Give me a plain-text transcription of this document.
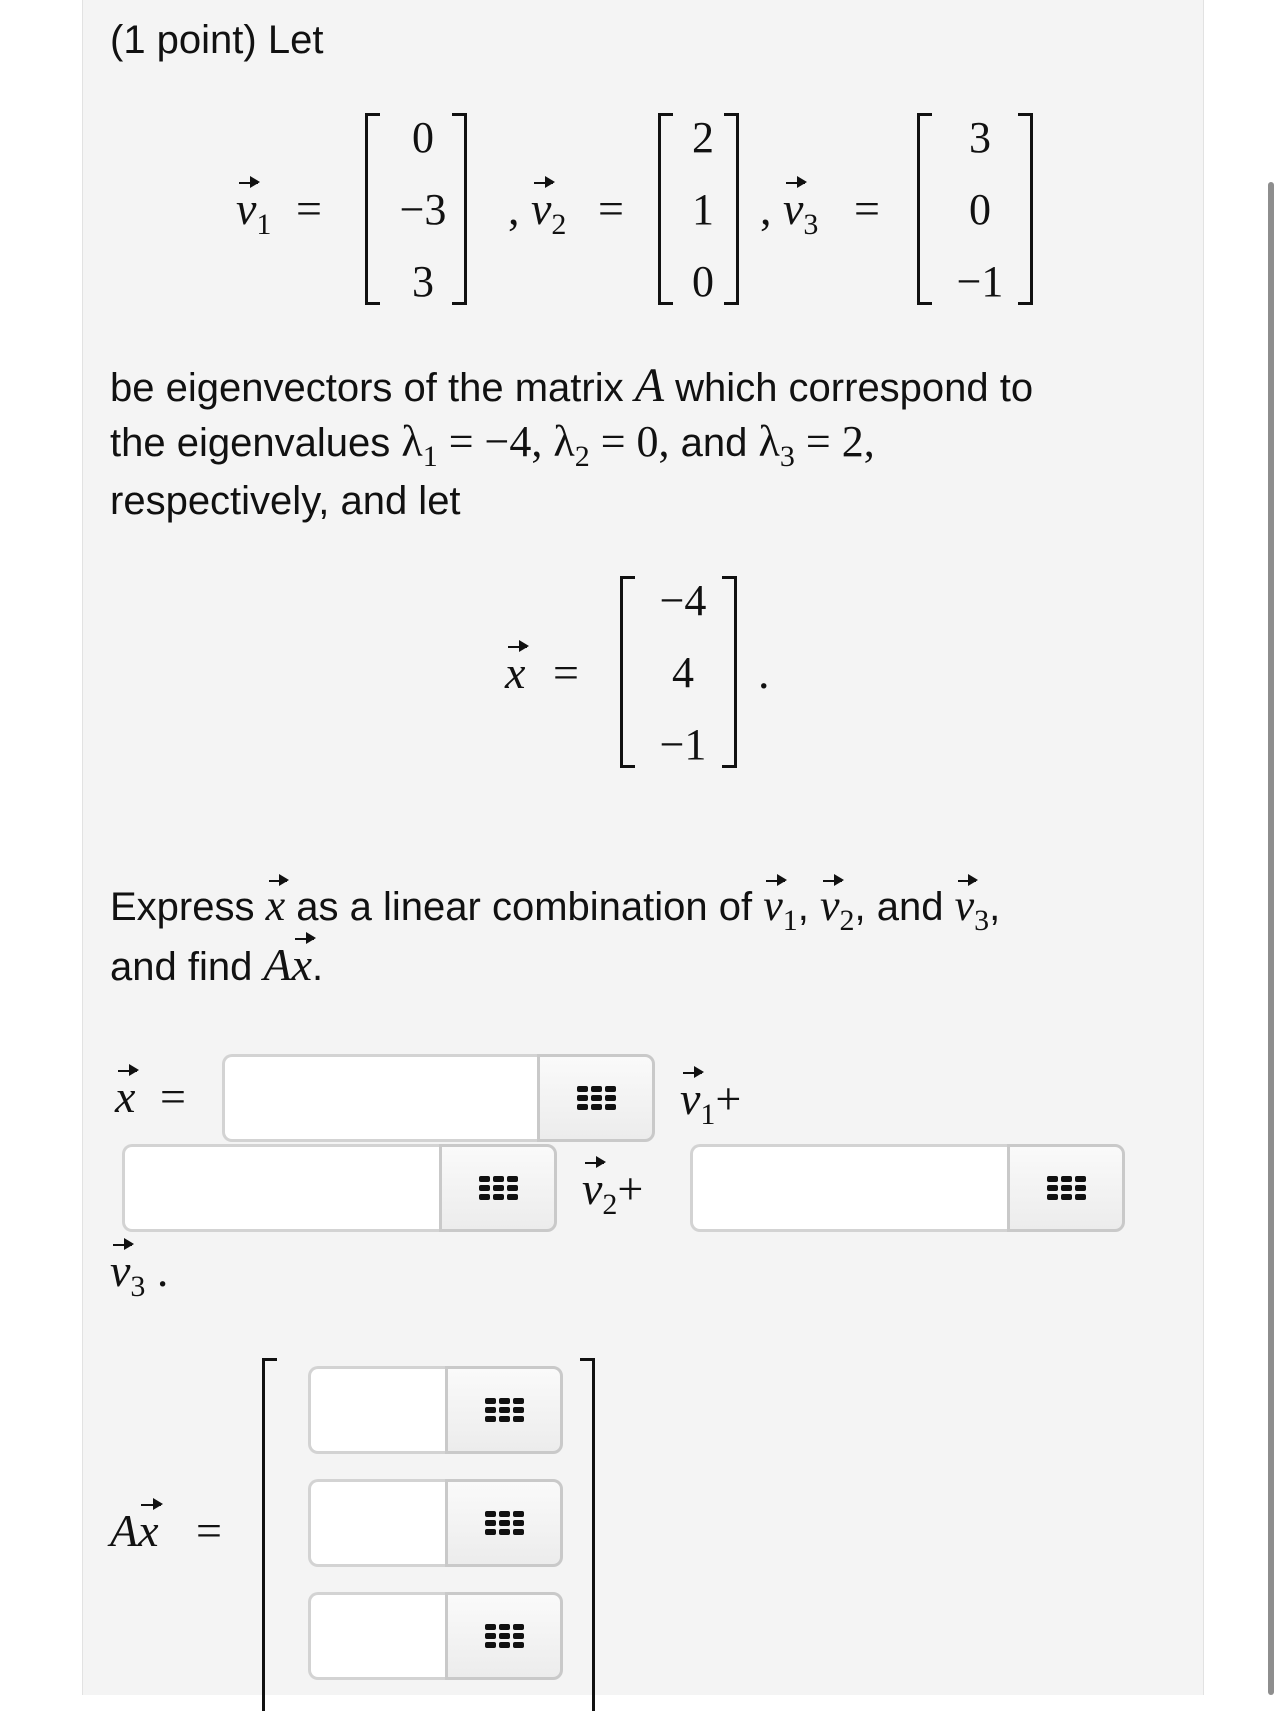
(1 point) Let
$v_1$ =
0
−3
3
, $v_2$ =
2
1
0
, $v_3$ =
3
0
−1
be eigenvectors of the matrix A which correspond to
the eigenvalues $\lambda_1 = -4$, $\lambda_2 = 0$, and $\lambda_3 = 2$,
respectively, and let
x =
−4
4
−1
.
Express x as a linear combination of $v_1$, $v_2$, and $v_3$,
and find Ax.
x =	$v_1+$
$v_2+$
$v_3$ .
Ax =
